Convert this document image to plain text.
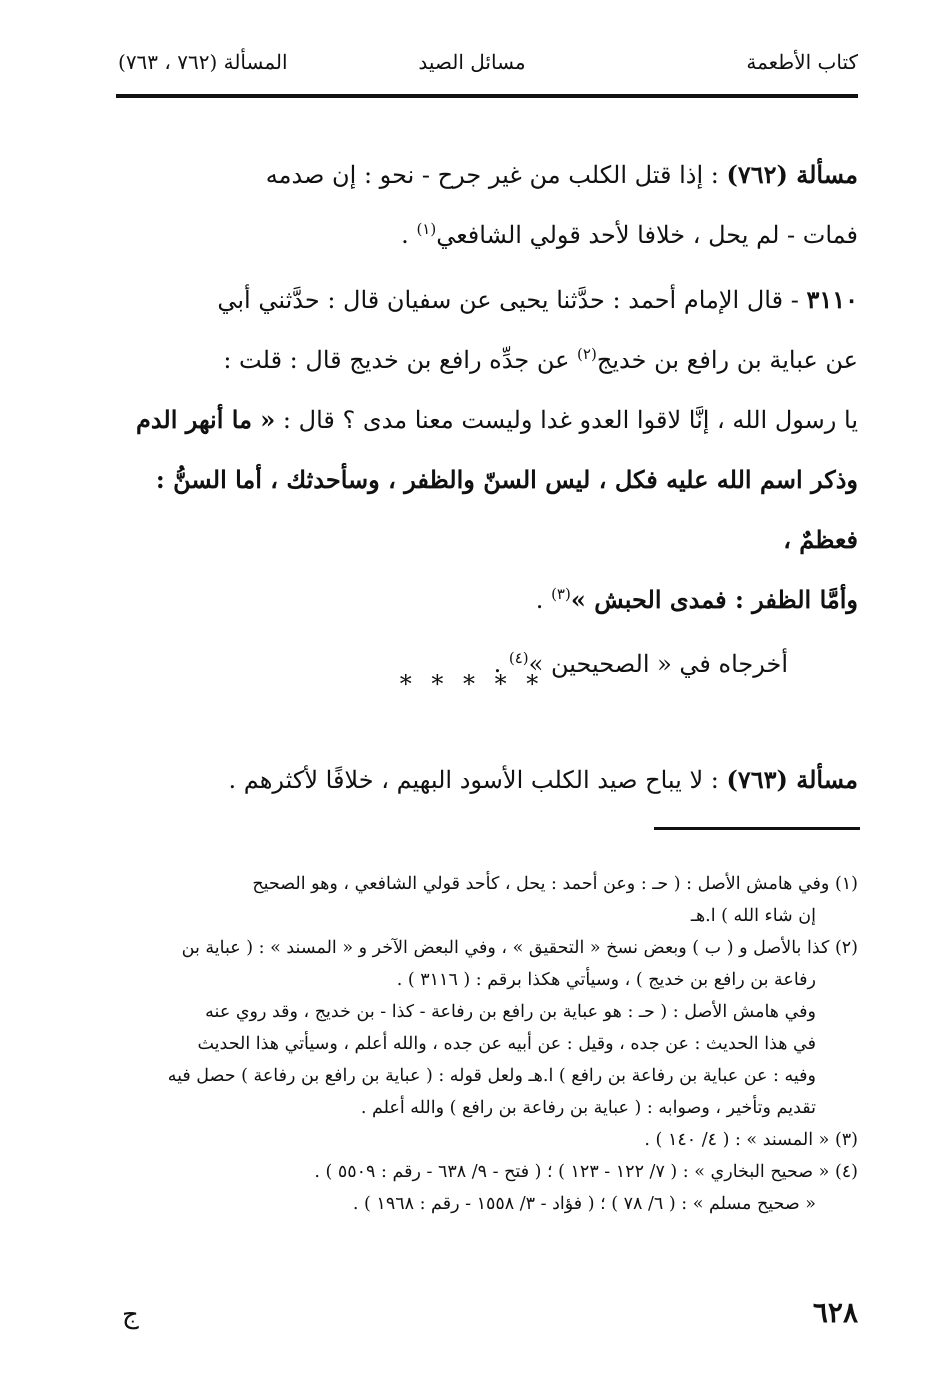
كتاب الأطعمة
مسائل الصيد
المسألة (٧٦٢ ، ٧٦٣)

مسألة (٧٦٢) : إذا قتل الكلب من غير جرح - نحو : إن صدمه

فمات - لم يحل ، خلافا لأحد قولي الشافعي$^{(١)}$ .

٣١١٠ - قال الإمام أحمد : حدَّثنا يحيى عن سفيان قال : حدَّثني أبي

عن عباية بن رافع بن خديج$^{(٢)}$ عن جدِّه رافع بن خديج قال : قلت :

يا رسول الله ، إنَّا لاقوا العدو غدا وليست معنا مدى ؟ قال : « ما أنهر الدم

وذكر اسم الله عليه فكل ، ليس السنّ والظفر ، وسأحدثك ، أما السنُّ : فعظمٌ ،

وأمَّا الظفر : فمدى الحبش »$^{(٣)}$ .

أخرجاه في « الصحيحين »$^{(٤)}$ .

* * * * *

مسألة (٧٦٣) : لا يباح صيد الكلب الأسود البهيم ، خلافًا لأكثرهم .

(١) وفي هامش الأصل : ( حـ : وعن أحمد : يحل ، كأحد قولي الشافعي ، وهو الصحيح

إن شاء الله ) ا.هـ

(٢) كذا بالأصل و ( ب ) وبعض نسخ « التحقيق » ، وفي البعض الآخر و « المسند » : ( عباية بن

رفاعة بن رافع بن خديج ) ، وسيأتي هكذا برقم : ( ٣١١٦ ) .

وفي هامش الأصل : ( حـ : هو عباية بن رافع بن رفاعة - كذا - بن خديج ، وقد روي عنه

في هذا الحديث : عن جده ، وقيل : عن أبيه عن جده ، والله أعلم ، وسيأتي هذا الحديث

وفيه : عن عباية بن رفاعة بن رافع ) ا.هـ ولعل قوله : ( عباية بن رافع بن رفاعة ) حصل فيه

تقديم وتأخير ، وصوابه : ( عباية بن رفاعة بن رافع ) والله أعلم .

(٣) « المسند » : ( ٤/ ١٤٠ ) .

(٤) « صحيح البخاري » : ( ٧/ ١٢٢ - ١٢٣ ) ؛ ( فتح - ٩/ ٦٣٨ - رقم : ٥٥٠٩ ) .

« صحيح مسلم » : ( ٦/ ٧٨ ) ؛ ( فؤاد - ٣/ ١٥٥٨ - رقم : ١٩٦٨ ) .

٦٢٨
ج
